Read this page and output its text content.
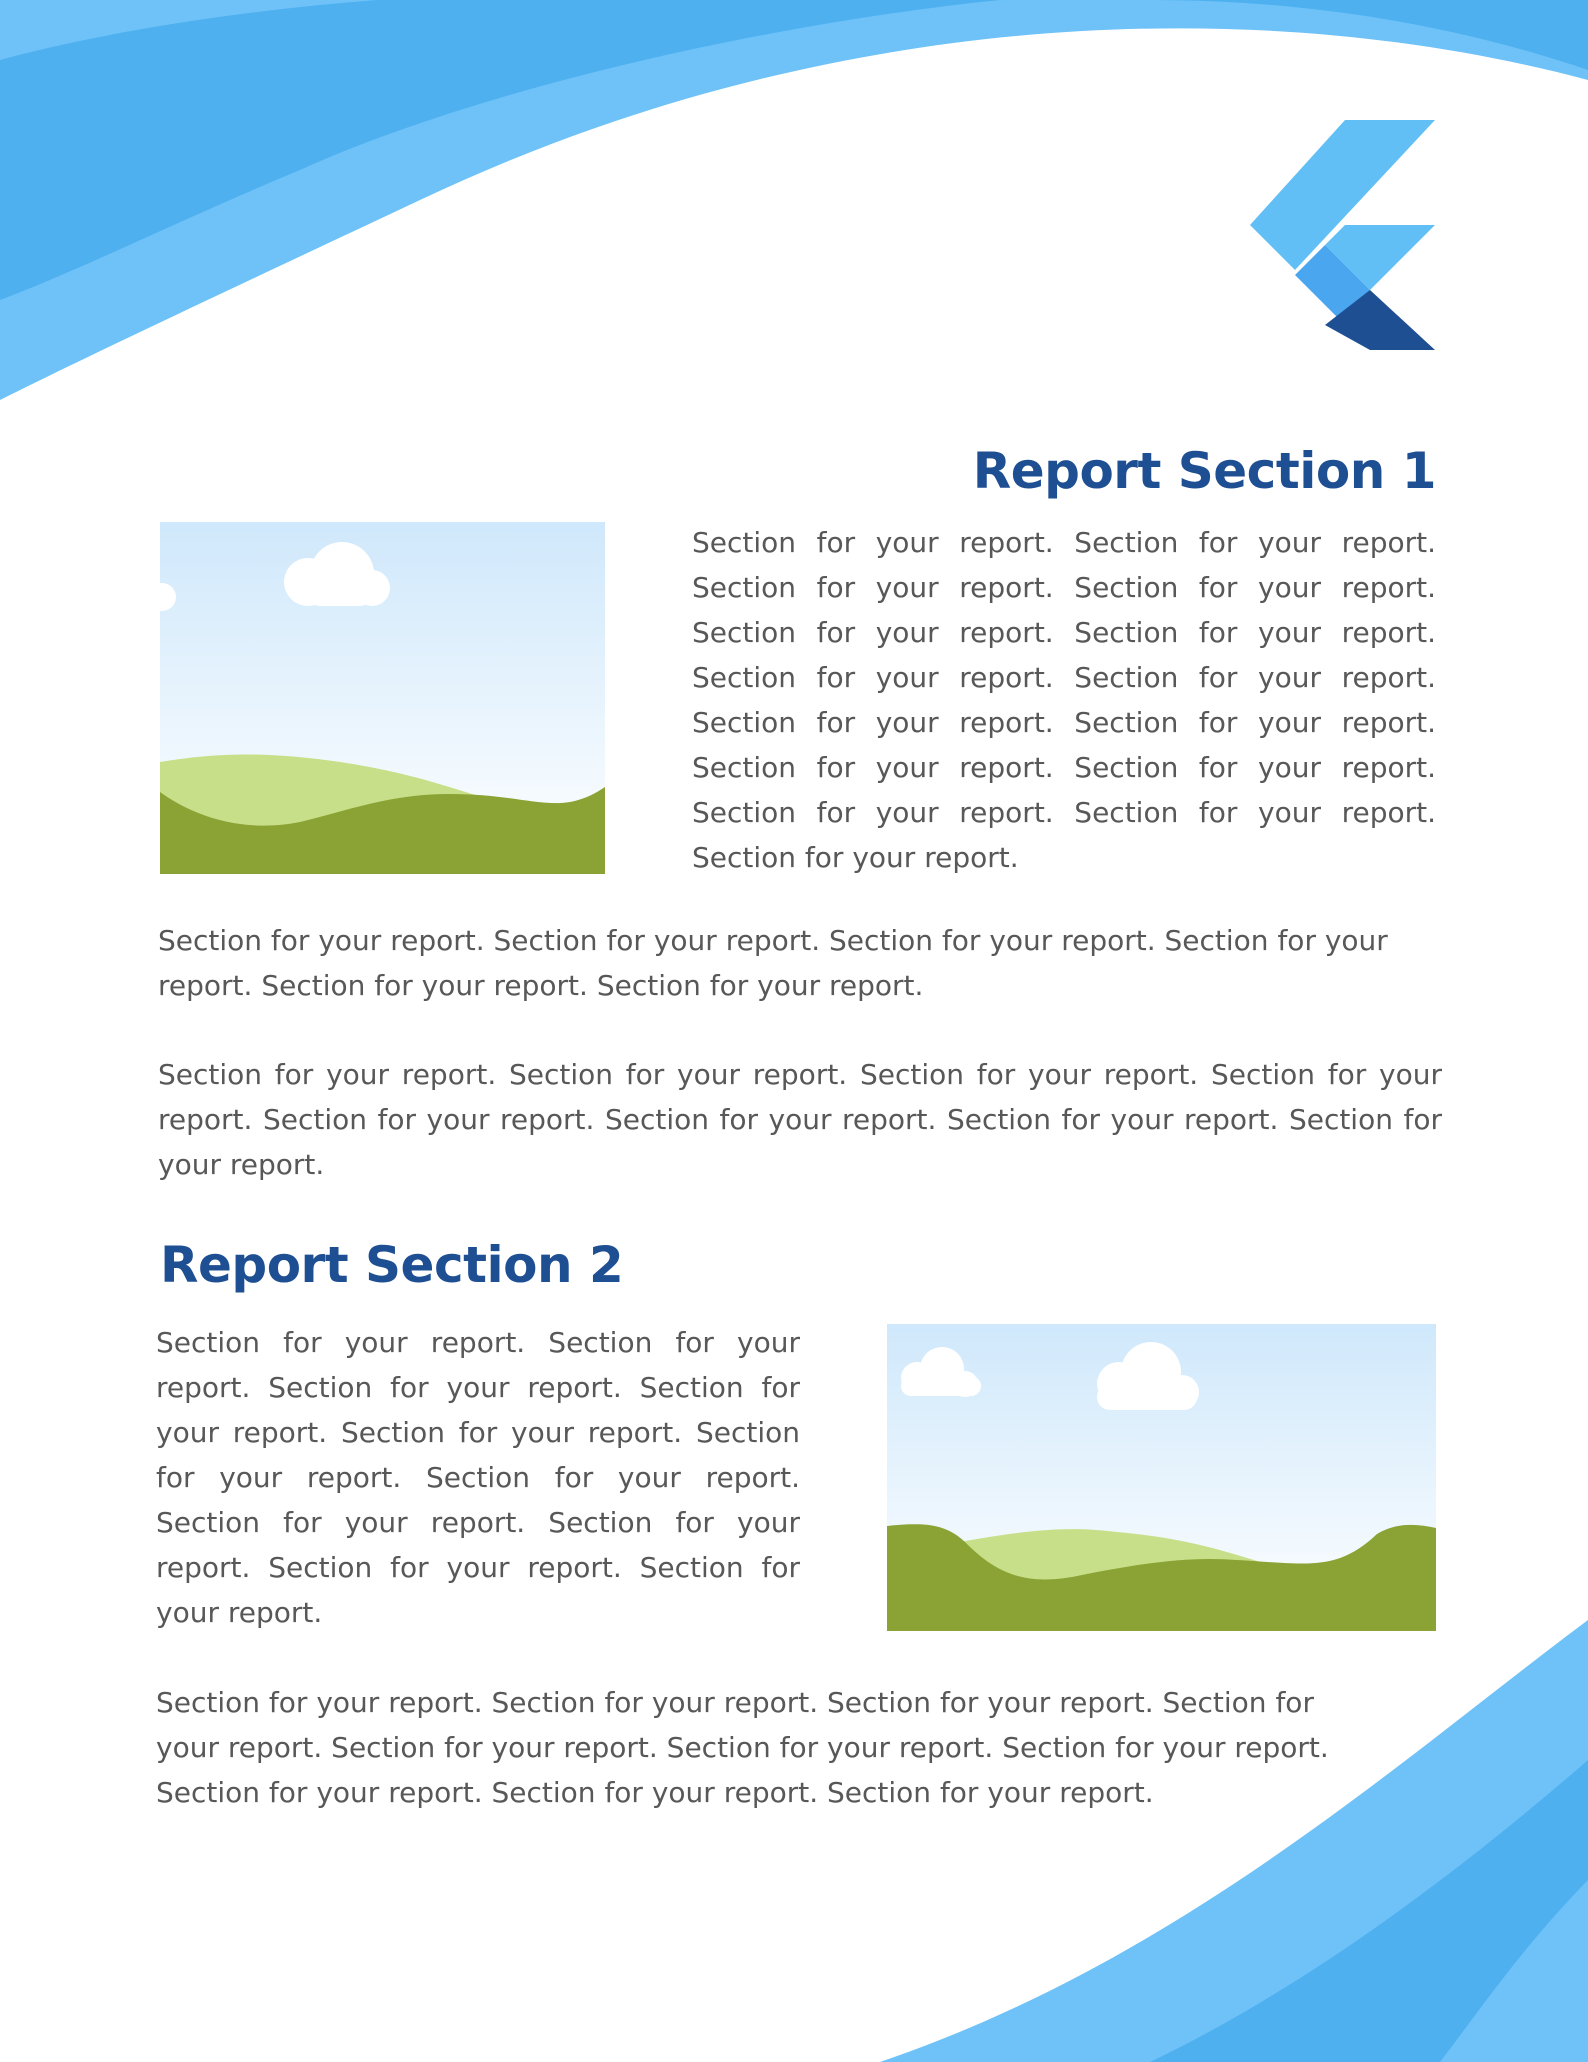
Report Section 1

Section for your report. Section for your report. Section for your report. Section for your report. Section for your report. Section for your report. Section for your report. Section for your report. Section for your report. Section for your report. Section for your report. Section for your report. Section for your report. Section for your report. Section for your report.

Section for your report. Section for your report. Section for your report. Section for your report. Section for your report. Section for your report.

Section for your report. Section for your report. Section for your report. Section for your report. Section for your report. Section for your report. Section for your report. Section for your report.

Report Section 2

Section for your report. Section for your report. Section for your report. Section for your report. Section for your report. Section for your report. Section for your report. Section for your report. Section for your report. Section for your report. Section for your report.

Section for your report. Section for your report. Section for your report. Section for your report. Section for your report. Section for your report. Section for your report. Section for your report. Section for your report. Section for your report.
